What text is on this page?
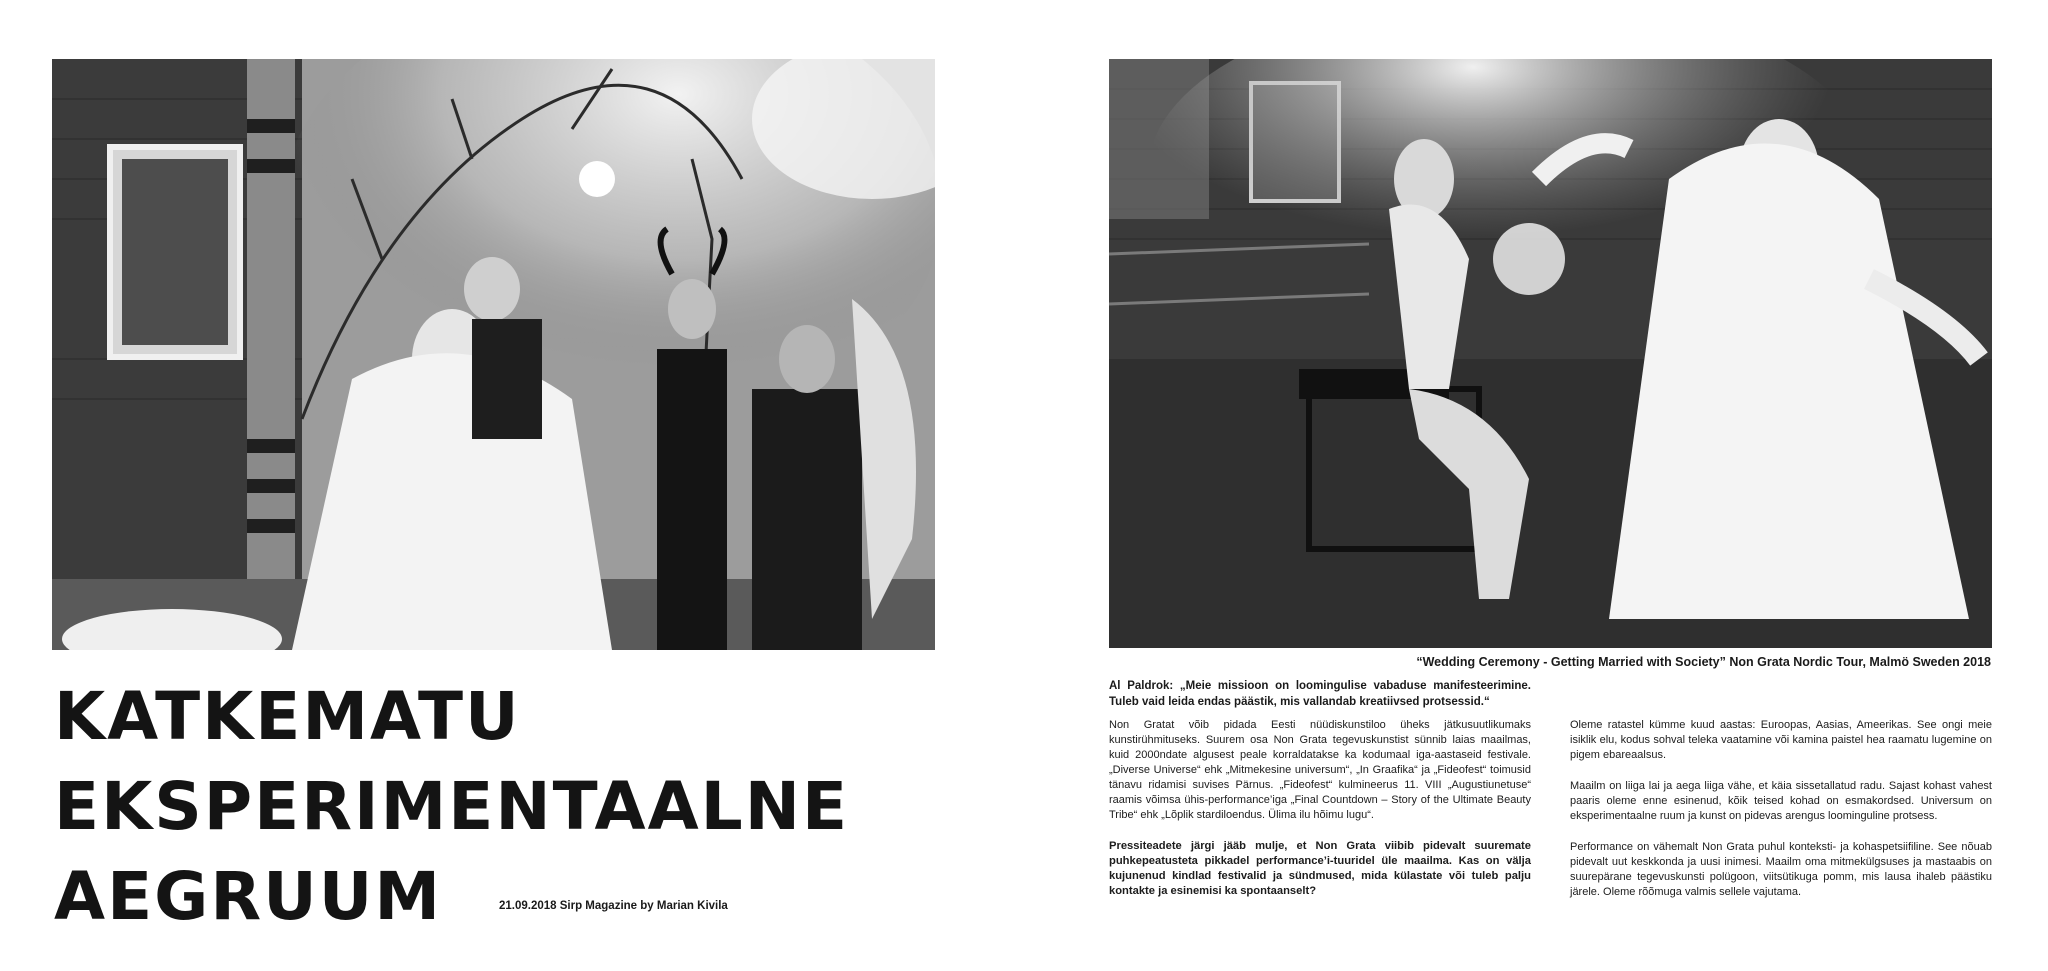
KATKEMATU
EKSPERIMENTAALNE
AEGRUUM	21.09.2018 Sirp Magazine by Marian Kivila

“Wedding Ceremony - Getting Married with Society” Non Grata Nordic Tour, Malmö Sweden 2018

Al Paldrok: „Meie missioon on loomingulise vabaduse manifesteerimine. Tuleb vaid leida endas päästik, mis vallandab kreatiivsed protsessid.“

Non Gratat võib pidada Eesti nüüdiskunstiloo üheks jätkusuutlikumaks kunstirühmituseks. Suurem osa Non Grata tegevuskunstist sünnib laias maailmas, kuid 2000ndate algusest peale korraldatakse ka kodumaal iga-aastaseid festivale. „Diverse Universe“ ehk „Mitmekesine universum“, „In Graafika“ ja „Fideofest“ toimusid tänavu ridamisi suvises Pärnus. „Fideofest“ kulmineerus 11. VIII „Augustiunetuse“ raamis võimsa ühis-performance’iga „Final Countdown – Story of the Ultimate Beauty Tribe“ ehk „Lõplik stardiloendus. Ülima ilu hõimu lugu“.

Pressiteadete järgi jääb mulje, et Non Grata viibib pidevalt suuremate puhkepeatusteta pikkadel performance’i-tuuridel üle maailma. Kas on välja kujunenud kindlad festivalid ja sündmused, mida külastate või tuleb palju kontakte ja esinemisi ka spontaanselt?

Oleme ratastel kümme kuud aastas: Euroopas, Aasias, Ameerikas. See ongi meie isiklik elu, kodus sohval teleka vaatamine või kamina paistel hea raamatu lugemine on pigem ebareaalsus.

Maailm on liiga lai ja aega liiga vähe, et käia sissetallatud radu. Sajast kohast vahest paaris oleme enne esinenud, kõik teised kohad on esmakordsed. Universum on eksperimentaalne ruum ja kunst on pidevas arengus loominguline protsess.

Performance on vähemalt Non Grata puhul konteksti- ja kohaspetsiifiline. See nõuab pidevalt uut keskkonda ja uusi inimesi. Maailm oma mitmekülgsuses ja mastaabis on suurepärane tegevuskunsti polügoon, viitsütikuga pomm, mis lausa ihaleb päästiku järele. Oleme rõõmuga valmis sellele vajutama.
